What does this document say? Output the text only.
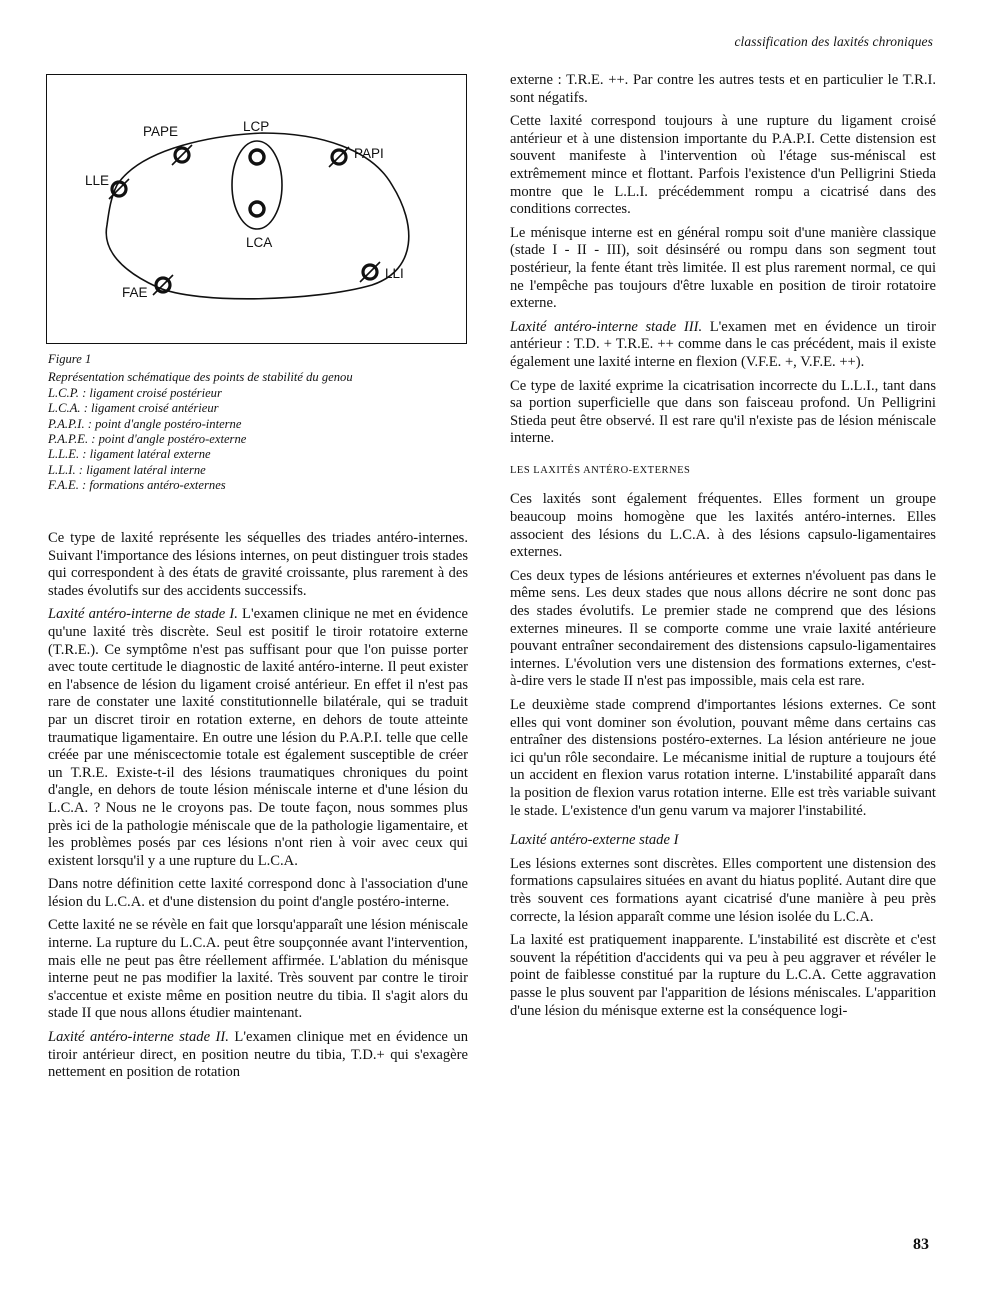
classification des laxités chroniques
PAPE	LCP
PAPI
LLE
LCA
FAE
LLI
Figure 1
Représentation schématique des points de stabilité du genou
L.C.P. : ligament croisé postérieur
L.C.A. : ligament croisé antérieur
P.A.P.I. : point d'angle postéro-interne
P.A.P.E. : point d'angle postéro-externe
L.L.E. : ligament latéral externe
L.L.I. : ligament latéral interne
F.A.E. : formations antéro-externes

Ce type de laxité représente les séquelles des triades antéro-internes. Suivant l'importance des lésions internes, on peut distinguer trois stades qui correspondent à des états de gravité croissante, plus rarement à des stades évolutifs sur des accidents successifs.

Laxité antéro-interne de stade I. L'examen clinique ne met en évidence qu'une laxité très discrète. Seul est positif le tiroir rotatoire externe (T.R.E.). Ce symptôme n'est pas suffisant pour que l'on puisse porter avec toute certitude le diagnostic de laxité antéro-interne. Il peut exister en l'absence de lésion du ligament croisé antérieur. En effet il n'est pas rare de constater une laxité constitutionnelle bilatérale, qui se traduit par un discret tiroir en rotation externe, en dehors de toute atteinte traumatique ligamentaire. En outre une lésion du P.A.P.I. telle que celle créée par une méniscectomie totale est également susceptible de créer un T.R.E. Existe-t-il des lésions traumatiques chroniques du point d'angle, en dehors de toute lésion méniscale interne et d'une lésion du L.C.A. ? Nous ne le croyons pas. De toute façon, nous sommes plus près ici de la pathologie méniscale que de la pathologie ligamentaire, et les problèmes posés par ces lésions n'ont rien à voir avec ceux qui existent lorsqu'il y a une rupture du L.C.A.

Dans notre définition cette laxité correspond donc à l'association d'une lésion du L.C.A. et d'une distension du point d'angle postéro-interne.

Cette laxité ne se révèle en fait que lorsqu'apparaît une lésion méniscale interne. La rupture du L.C.A. peut être soupçonnée avant l'intervention, mais elle ne peut pas être réellement affirmée. L'ablation du ménisque interne peut ne pas modifier la laxité. Très souvent par contre le tiroir s'accentue et existe même en position neutre du tibia. Il s'agit alors du stade II que nous allons étudier maintenant.

Laxité antéro-interne stade II. L'examen clinique met en évidence un tiroir antérieur direct, en position neutre du tibia, T.D.+ qui s'exagère nettement en position de rotation

externe : T.R.E. ++. Par contre les autres tests et en particulier le T.R.I. sont négatifs.

Cette laxité correspond toujours à une rupture du ligament croisé antérieur et à une distension importante du P.A.P.I. Cette distension est souvent manifeste à l'intervention où l'étage sus-méniscal est extrêmement mince et flottant. Parfois l'existence d'un Pelligrini Stieda montre que le L.L.I. précédemment rompu a cicatrisé dans des conditions correctes.

Le ménisque interne est en général rompu soit d'une manière classique (stade I - II - III), soit désinséré ou rompu dans son segment tout postérieur, la fente étant très limitée. Il est plus rarement normal, ce qui ne l'empêche pas toujours d'être luxable en position de tiroir rotatoire externe.

Laxité antéro-interne stade III. L'examen met en évidence un tiroir antérieur : T.D. + T.R.E. ++ comme dans le cas précédent, mais il existe également une laxité interne en flexion (V.F.E. +, V.F.E. ++).

Ce type de laxité exprime la cicatrisation incorrecte du L.L.I., tant dans sa portion superficielle que dans son faisceau profond. Un Pelligrini Stieda peut être observé. Il est rare qu'il n'existe pas de lésion méniscale interne.

LES LAXITÉS ANTÉRO-EXTERNES

Ces laxités sont également fréquentes. Elles forment un groupe beaucoup moins homogène que les laxités antéro-internes. Elles associent des lésions du L.C.A. à des lésions capsulo-ligamentaires externes.

Ces deux types de lésions antérieures et externes n'évoluent pas dans le même sens. Les deux stades que nous allons décrire ne sont donc pas des stades évolutifs. Le premier stade ne comprend que des lésions externes mineures. Il se comporte comme une vraie laxité antérieure pouvant entraîner secondairement des distensions capsulo-ligamentaires internes. L'évolution vers une distension des formations externes, c'est-à-dire vers le stade II n'est pas impossible, mais cela est rare.

Le deuxième stade comprend d'importantes lésions externes. Ce sont elles qui vont dominer son évolution, pouvant même dans certains cas entraîner des distensions postéro-externes. La lésion antérieure ne joue ici qu'un rôle secondaire. Le mécanisme initial de rupture a toujours été un accident en flexion varus rotation interne. L'instabilité apparaît dans la position de flexion varus rotation interne. Elle est très variable suivant le stade. L'existence d'un genu varum va majorer l'instabilité.

Laxité antéro-externe stade I

Les lésions externes sont discrètes. Elles comportent une distension des formations capsulaires situées en avant du hiatus poplité. Autant dire que très souvent ces formations ayant cicatrisé d'une manière à peu près correcte, la lésion apparaît comme une lésion isolée du L.C.A.

La laxité est pratiquement inapparente. L'instabilité est discrète et c'est souvent la répétition d'accidents qui va peu à peu aggraver et révéler le point de faiblesse constitué par la rupture du L.C.A. Cette aggravation passe le plus souvent par l'apparition de lésions méniscales. L'apparition d'une lésion du ménisque externe est la conséquence logi-

83
